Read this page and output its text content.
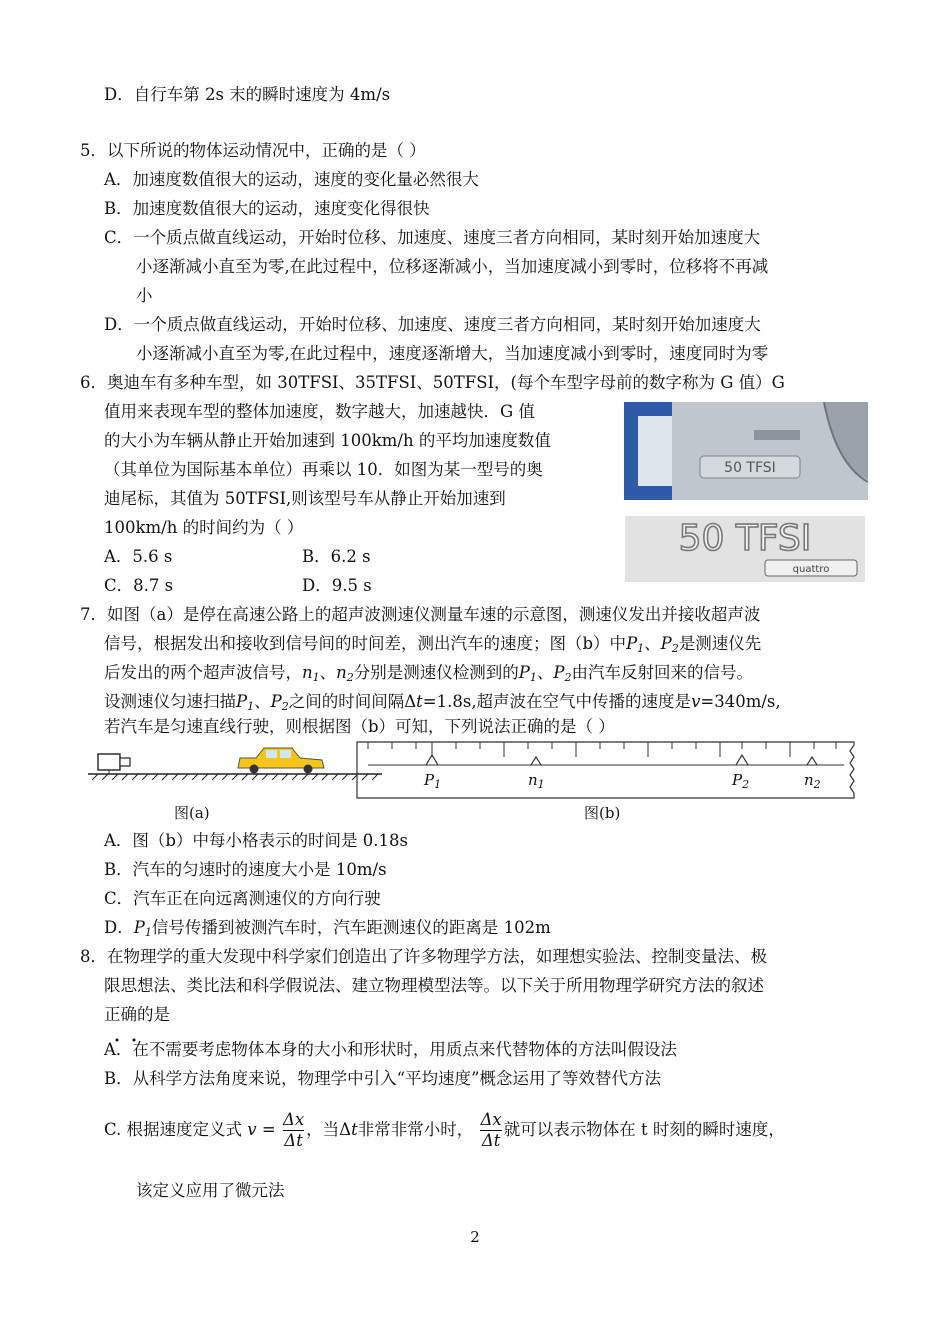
D．自行车第 2s 末的瞬时速度为 4m/s
5．以下所说的物体运动情况中，正确的是（ ）
A．加速度数值很大的运动，速度的变化量必然很大
B．加速度数值很大的运动，速度变化得很快
C．一个质点做直线运动，开始时位移、加速度、速度三者方向相同，某时刻开始加速度大
小逐渐减小直至为零,在此过程中，位移逐渐减小，当加速度减小到零时，位移将不再减
小
D．一个质点做直线运动，开始时位移、加速度、速度三者方向相同，某时刻开始加速度大
小逐渐减小直至为零,在此过程中，速度逐渐增大，当加速度减小到零时，速度同时为零
6．奥迪车有多种车型，如 30TFSI、35TFSI、50TFSI，(每个车型字母前的数字称为 G 值）G
值用来表现车型的整体加速度，数字越大，加速越快．G 值
的大小为车辆从静止开始加速到 100km/h 的平均加速度数值
（其单位为国际基本单位）再乘以 10．如图为某一型号的奥
迪尾标，其值为 50TFSI,则该型号车从静止开始加速到
100km/h 的时间约为（ ）
A．5.6 s	B．6.2 s
C．8.7 s	D．9.5 s
50 TFSI
50 TFSI
quattro
7．如图（a）是停在高速公路上的超声波测速仪测量车速的示意图，测速仪发出并接收超声波
信号，根据发出和接收到信号间的时间差，测出汽车的速度；图（b）中$P_1$、$P_2$是测速仪先
后发出的两个超声波信号，$n_1$、$n_2$分别是测速仪检测到的$P_1$、$P_2$由汽车反射回来的信号。
设测速仪匀速扫描$P_1$、$P_2$之间的时间间隔Δt=1.8s,超声波在空气中传播的速度是v=340m/s,
若汽车是匀速直线行驶，则根据图（b）可知，下列说法正确的是（ ）
图(a)
$P_1$	$n_1$	$P_2$	$n_2$
图(b)
A．图（b）中每小格表示的时间是 0.18s
B．汽车的匀速时的速度大小是 10m/s
C．汽车正在向远离测速仪的方向行驶
D．$P_1$信号传播到被测汽车时，汽车距测速仪的距离是 102m
8．在物理学的重大发现中科学家们创造出了许多物理学方法，如理想实验法、控制变量法、极
限思想法、类比法和科学假说法、建立物理模型法等。以下关于所用物理学研究方法的叙述
正确的是
A．在不需要考虑物体本身的大小和形状时，用质点来代替物体的方法叫假设法
B．从科学方法角度来说，物理学中引入“平均速度”概念运用了等效替代方法
C. 根据速度定义式 $v = \frac{\Delta x}{\Delta t}$ ，当Δt非常非常小时， $\frac{\Delta x}{\Delta t}$ 就可以表示物体在 t 时刻的瞬时速度，
该定义应用了微元法
2
